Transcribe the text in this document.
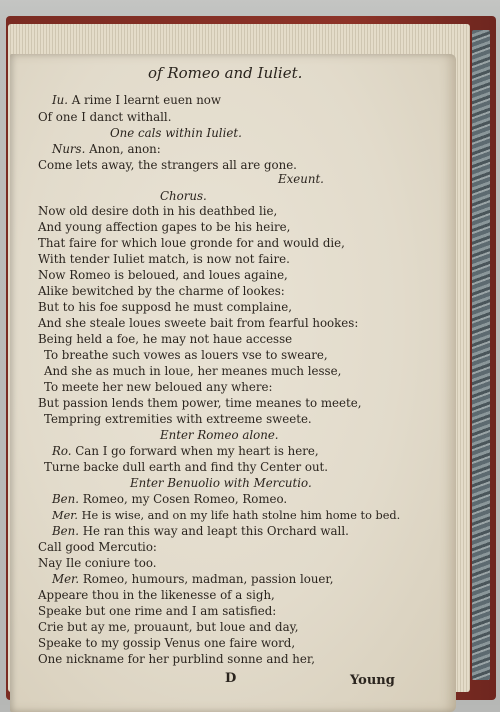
of Romeo and Iuliet.
Iu. A rime I learnt euen now
Of one I danct withall.
One cals within Iuliet.
Nurs. Anon, anon:
Come lets away, the strangers all are gone.
Exeunt.
Chorus.
Now old desire doth in his deathbed lie,
And young affection gapes to be his heire,
That faire for which loue gronde for and would die,
With tender Iuliet match, is now not faire.
Now Romeo is beloued, and loues againe,
Alike bewitched by the charme of lookes:
But to his foe supposd he must complaine,
And she steale loues sweete bait from fearful hookes:
Being held a foe, he may not haue accesse
To breathe such vowes as louers vse to sweare,
And she as much in loue, her meanes much lesse,
To meete her new beloued any where:
But passion lends them power, time meanes to meete,
Tempring extremities with extreeme sweete.
Enter Romeo alone.
Ro. Can I go forward when my heart is here,
Turne backe dull earth and find thy Center out.
Enter Benuolio with Mercutio.
Ben. Romeo, my Cosen Romeo, Romeo.
Mer. He is wise, and on my life hath stolne him home to bed.
Ben. He ran this way and leapt this Orchard wall.
Call good Mercutio:
Nay Ile coniure too.
Mer. Romeo, humours, madman, passion louer,
Appeare thou in the likenesse of a sigh,
Speake but one rime and I am satisfied:
Crie but ay me, prouaunt, but loue and day,
Speake to my gossip Venus one faire word,
One nickname for her purblind sonne and her,
D	Young
